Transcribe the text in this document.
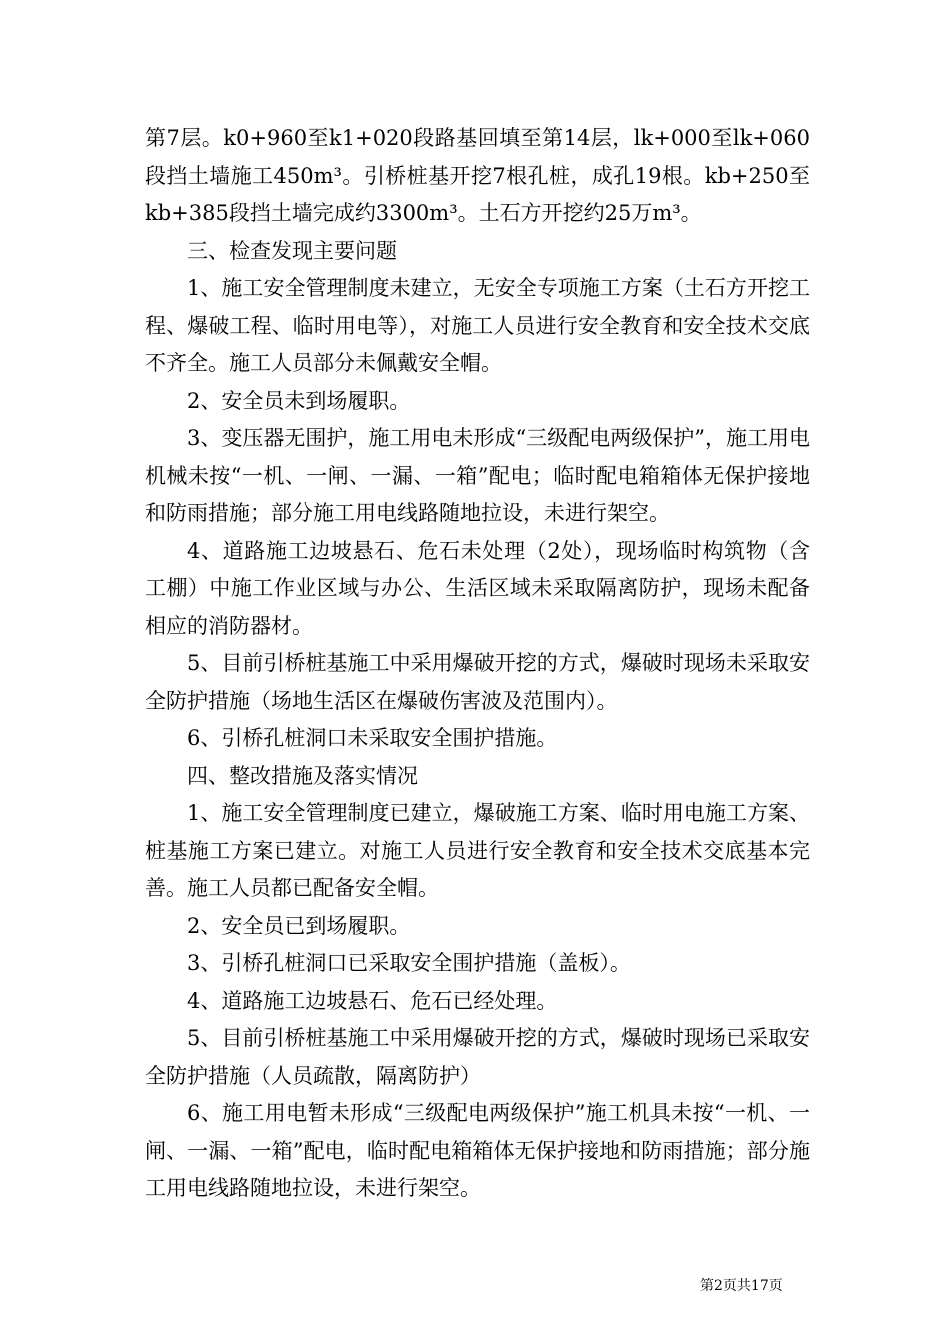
第7层。k0+960至k1+020段路基回填至第14层，lk+000至lk+060段挡土墙施工450m³。引桥桩基开挖7根孔桩，成孔19根。kb+250至kb+385段挡土墙完成约3300m³。土石方开挖约25万m³。

三、检查发现主要问题

1、施工安全管理制度未建立，无安全专项施工方案（土石方开挖工程、爆破工程、临时用电等），对施工人员进行安全教育和安全技术交底不齐全。施工人员部分未佩戴安全帽。

2、安全员未到场履职。

3、变压器无围护，施工用电未形成“三级配电两级保护”，施工用电机械未按“一机、一闸、一漏、一箱”配电；临时配电箱箱体无保护接地和防雨措施；部分施工用电线路随地拉设，未进行架空。

4、道路施工边坡悬石、危石未处理（2处），现场临时构筑物（含工棚）中施工作业区域与办公、生活区域未采取隔离防护，现场未配备相应的消防器材。

5、目前引桥桩基施工中采用爆破开挖的方式，爆破时现场未采取安全防护措施（场地生活区在爆破伤害波及范围内）。

6、引桥孔桩洞口未采取安全围护措施。

四、整改措施及落实情况

1、施工安全管理制度已建立，爆破施工方案、临时用电施工方案、桩基施工方案已建立。对施工人员进行安全教育和安全技术交底基本完善。施工人员都已配备安全帽。

2、安全员已到场履职。

3、引桥孔桩洞口已采取安全围护措施（盖板）。

4、道路施工边坡悬石、危石已经处理。

5、目前引桥桩基施工中采用爆破开挖的方式，爆破时现场已采取安全防护措施（人员疏散，隔离防护）

6、施工用电暂未形成“三级配电两级保护”施工机具未按“一机、一闸、一漏、一箱”配电，临时配电箱箱体无保护接地和防雨措施；部分施工用电线路随地拉设，未进行架空。

第2页共17页
